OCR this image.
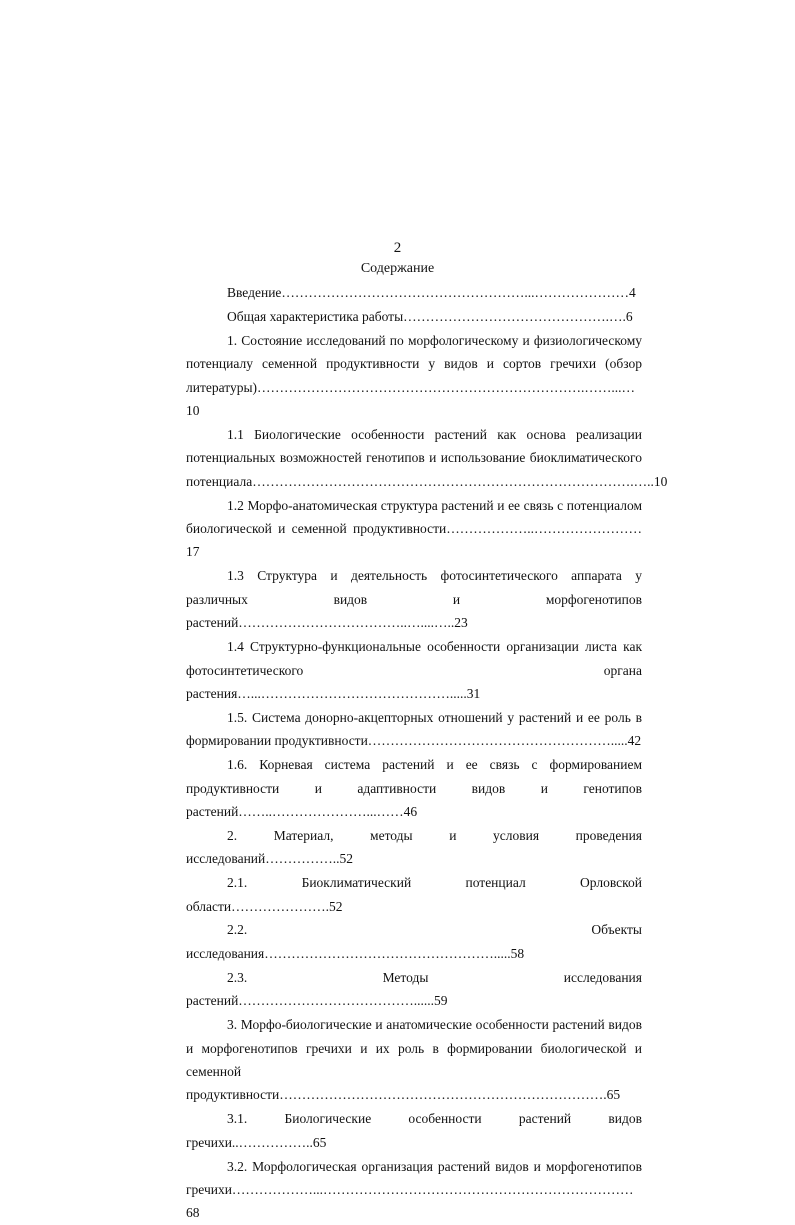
2
Содержание

Введение………………………………………………...…………………4

Общая характеристика работы……………………………………….….6

1. Состояние исследований по морфологическому и физиологическому потенциалу семенной продуктивности у видов и сортов гречихи (обзор литературы)……………………………………………………………….……...…10

1.1 Биологические особенности растений как основа реализации потенциальных возможностей генотипов и использование биоклиматического потенциала………………………………………………………………………….…..10

1.2 Морфо-анатомическая структура растений и ее связь с потенциалом биологической и семенной продуктивности………………..……………………17

1.3 Структура и деятельность фотосинтетического аппарата у различных видов и морфогенотипов растений………………………………..…....…..23

1.4 Структурно-функциональные особенности организации листа как фотосинтетического органа растения…...…………………………………….....31

1.5. Система донорно-акцепторных отношений у растений и ее роль в формировании продуктивности……………………………………………….....42

1.6. Корневая система растений и ее связь с формированием продуктивности и адаптивности видов и генотипов растений……..…………………...……46

2. Материал, методы и условия проведения исследований……………..52

2.1. Биоклиматический потенциал Орловской области………………….52

2.2. Объекты исследования…………………………………………….....58

2.3. Методы исследования растений…………………………………......59

3. Морфо-биологические и анатомические особенности растений видов и морфогенотипов гречихи и их роль в формировании биологической и семенной продуктивности……………………………………………………………….65

3.1. Биологические особенности растений видов гречихи..……………..65

3.2. Морфологическая организация растений видов и морфогенотипов гречихи………………...……………………………………………………………68
